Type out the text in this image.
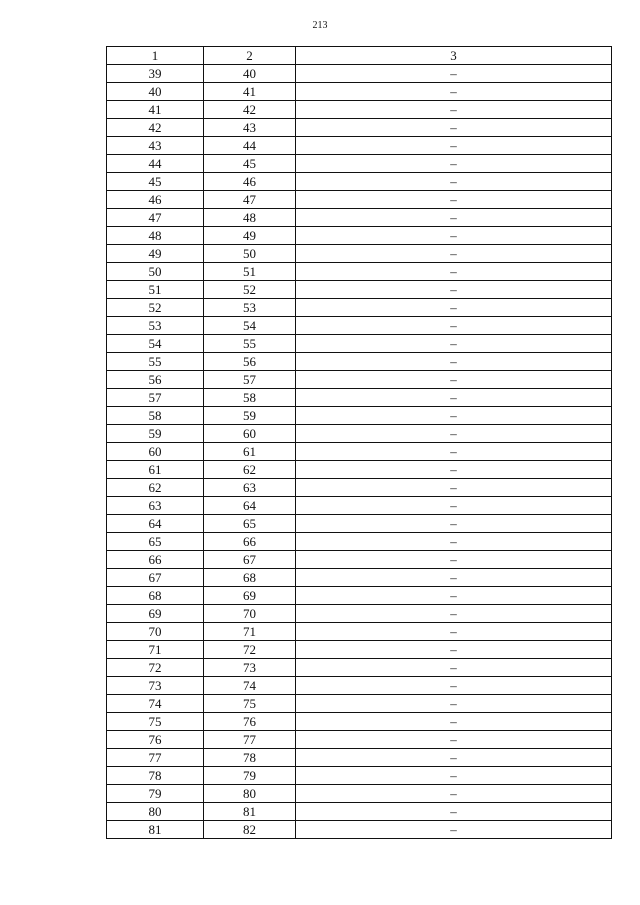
213
1	2	3
39	40	–
40	41	–
41	42	–
42	43	–
43	44	–
44	45	–
45	46	–
46	47	–
47	48	–
48	49	–
49	50	–
50	51	–
51	52	–
52	53	–
53	54	–
54	55	–
55	56	–
56	57	–
57	58	–
58	59	–
59	60	–
60	61	–
61	62	–
62	63	–
63	64	–
64	65	–
65	66	–
66	67	–
67	68	–
68	69	–
69	70	–
70	71	–
71	72	–
72	73	–
73	74	–
74	75	–
75	76	–
76	77	–
77	78	–
78	79	–
79	80	–
80	81	–
81	82	–
